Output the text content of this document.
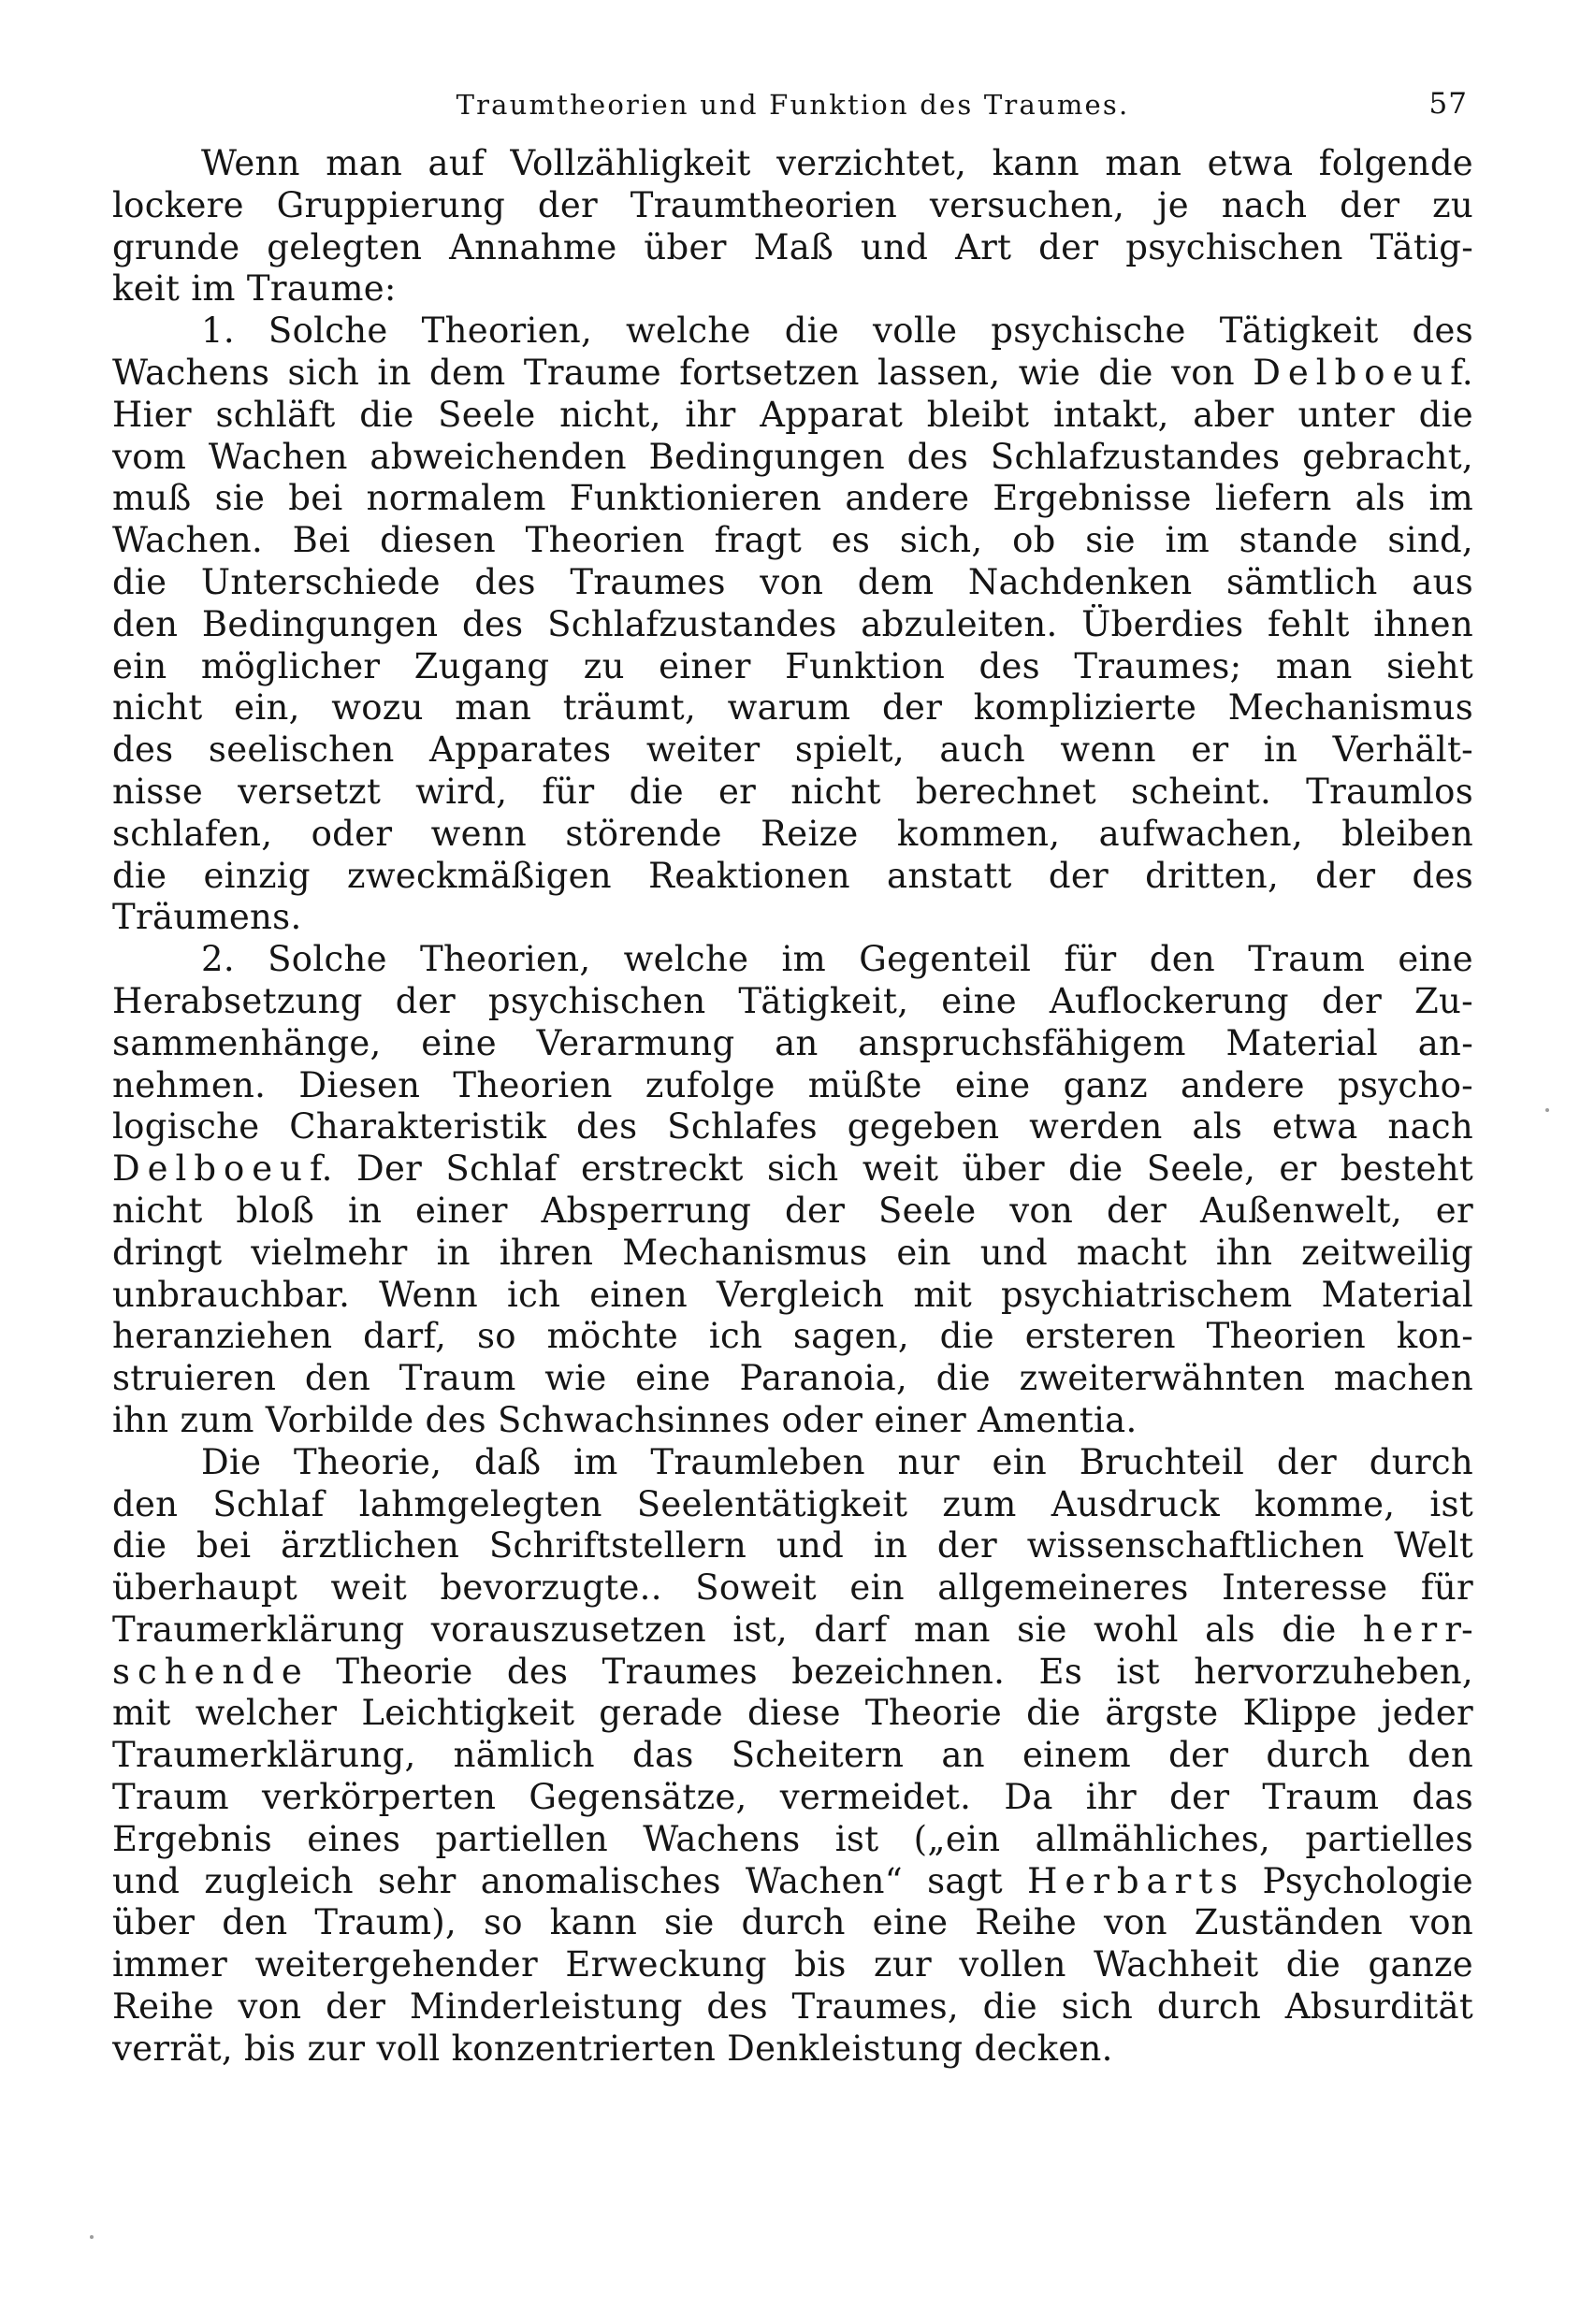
Traumtheorien und Funktion des Traumes.	57

Wenn man auf Vollzähligkeit verzichtet, kann man etwa folgende
lockere Gruppierung der Traumtheorien versuchen, je nach der zu
grunde gelegten Annahme über Maß und Art der psychischen Tätig-
keit im Traume:

1. Solche Theorien, welche die volle psychische Tätigkeit des
Wachens sich in dem Traume fortsetzen lassen, wie die von D e l b o e u f.
Hier schläft die Seele nicht, ihr Apparat bleibt intakt, aber unter die
vom Wachen abweichenden Bedingungen des Schlafzustandes gebracht,
muß sie bei normalem Funktionieren andere Ergebnisse liefern als im
Wachen. Bei diesen Theorien fragt es sich, ob sie im stande sind,
die Unterschiede des Traumes von dem Nachdenken sämtlich aus
den Bedingungen des Schlafzustandes abzuleiten. Überdies fehlt ihnen
ein möglicher Zugang zu einer Funktion des Traumes; man sieht
nicht ein, wozu man träumt, warum der komplizierte Mechanismus
des seelischen Apparates weiter spielt, auch wenn er in Verhält-
nisse versetzt wird, für die er nicht berechnet scheint. Traumlos
schlafen, oder wenn störende Reize kommen, aufwachen, bleiben
die einzig zweckmäßigen Reaktionen anstatt der dritten, der des
Träumens.

2. Solche Theorien, welche im Gegenteil für den Traum eine
Herabsetzung der psychischen Tätigkeit, eine Auflockerung der Zu-
sammenhänge, eine Verarmung an anspruchsfähigem Material an-
nehmen. Diesen Theorien zufolge müßte eine ganz andere psycho-
logische Charakteristik des Schlafes gegeben werden als etwa nach
D e l b o e u f. Der Schlaf erstreckt sich weit über die Seele, er besteht
nicht bloß in einer Absperrung der Seele von der Außenwelt, er
dringt vielmehr in ihren Mechanismus ein und macht ihn zeitweilig
unbrauchbar. Wenn ich einen Vergleich mit psychiatrischem Material
heranziehen darf, so möchte ich sagen, die ersteren Theorien kon-
struieren den Traum wie eine Paranoia, die zweiterwähnten machen
ihn zum Vorbilde des Schwachsinnes oder einer Amentia.

Die Theorie, daß im Traumleben nur ein Bruchteil der durch
den Schlaf lahmgelegten Seelentätigkeit zum Ausdruck komme, ist
die bei ärztlichen Schriftstellern und in der wissenschaftlichen Welt
überhaupt weit bevorzugte.. Soweit ein allgemeineres Interesse für
Traumerklärung vorauszusetzen ist, darf man sie wohl als die h e r r-
s c h e n d e Theorie des Traumes bezeichnen. Es ist hervorzuheben,
mit welcher Leichtigkeit gerade diese Theorie die ärgste Klippe jeder
Traumerklärung, nämlich das Scheitern an einem der durch den
Traum verkörperten Gegensätze, vermeidet. Da ihr der Traum das
Ergebnis eines partiellen Wachens ist („ein allmähliches, partielles
und zugleich sehr anomalisches Wachen“ sagt H e r b a r t s Psychologie
über den Traum), so kann sie durch eine Reihe von Zuständen von
immer weitergehender Erweckung bis zur vollen Wachheit die ganze
Reihe von der Minderleistung des Traumes, die sich durch Absurdität
verrät, bis zur voll konzentrierten Denkleistung decken.
